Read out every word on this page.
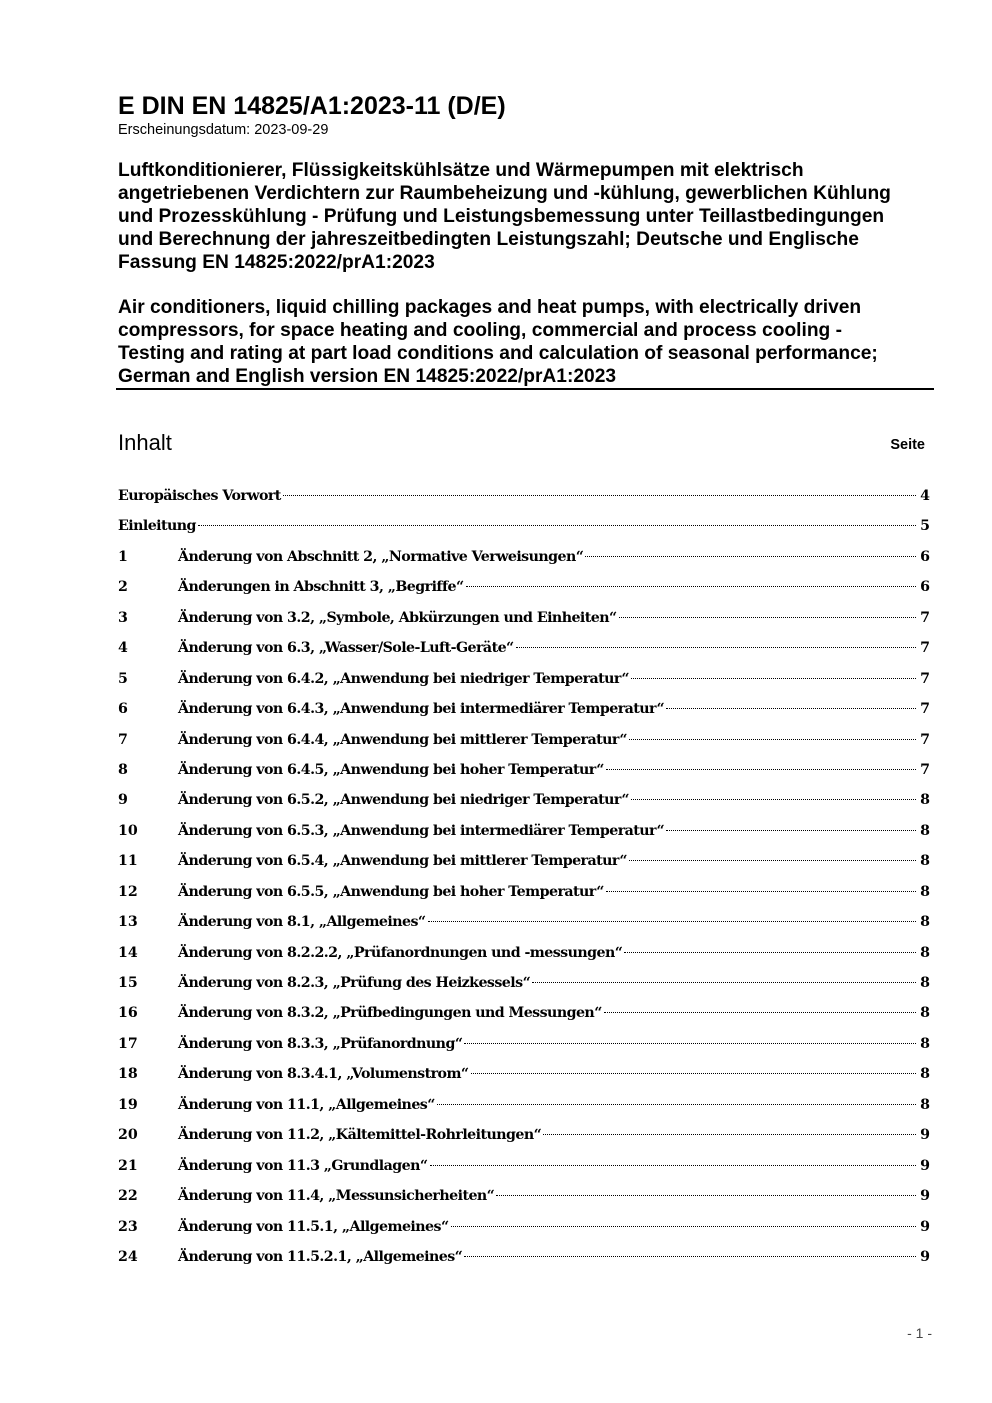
E DIN EN 14825/A1:2023-11 (D/E)
Erscheinungsdatum: 2023-09-29
Luftkonditionierer, Flüssigkeitskühlsätze und Wärmepumpen mit elektrisch
angetriebenen Verdichtern zur Raumbeheizung und -kühlung, gewerblichen Kühlung
und Prozesskühlung - Prüfung und Leistungsbemessung unter Teillastbedingungen
und Berechnung der jahreszeitbedingten Leistungszahl; Deutsche und Englische
Fassung EN 14825:2022/prA1:2023
Air conditioners, liquid chilling packages and heat pumps, with electrically driven
compressors, for space heating and cooling, commercial and process cooling -
Testing and rating at part load conditions and calculation of seasonal performance;
German and English version EN 14825:2022/prA1:2023
Inhalt	Seite
Europäisches Vorwort	4
Einleitung	5
1	Änderung von Abschnitt 2, „Normative Verweisungen“	6
2	Änderungen in Abschnitt 3, „Begriffe“	6
3	Änderung von 3.2, „Symbole, Abkürzungen und Einheiten“	7
4	Änderung von 6.3, „Wasser/Sole-Luft-Geräte“	7
5	Änderung von 6.4.2, „Anwendung bei niedriger Temperatur“	7
6	Änderung von 6.4.3, „Anwendung bei intermediärer Temperatur“	7
7	Änderung von 6.4.4, „Anwendung bei mittlerer Temperatur“	7
8	Änderung von 6.4.5, „Anwendung bei hoher Temperatur“	7
9	Änderung von 6.5.2, „Anwendung bei niedriger Temperatur“	8
10	Änderung von 6.5.3, „Anwendung bei intermediärer Temperatur“	8
11	Änderung von 6.5.4, „Anwendung bei mittlerer Temperatur“	8
12	Änderung von 6.5.5, „Anwendung bei hoher Temperatur“	8
13	Änderung von 8.1, „Allgemeines“	8
14	Änderung von 8.2.2.2, „Prüfanordnungen und -messungen“	8
15	Änderung von 8.2.3, „Prüfung des Heizkessels“	8
16	Änderung von 8.3.2, „Prüfbedingungen und Messungen“	8
17	Änderung von 8.3.3, „Prüfanordnung“	8
18	Änderung von 8.3.4.1, „Volumenstrom“	8
19	Änderung von 11.1, „Allgemeines“	8
20	Änderung von 11.2, „Kältemittel-Rohrleitungen“	9
21	Änderung von 11.3 „Grundlagen“	9
22	Änderung von 11.4, „Messunsicherheiten“	9
23	Änderung von 11.5.1, „Allgemeines“	9
24	Änderung von 11.5.2.1, „Allgemeines“	9
- 1 -
